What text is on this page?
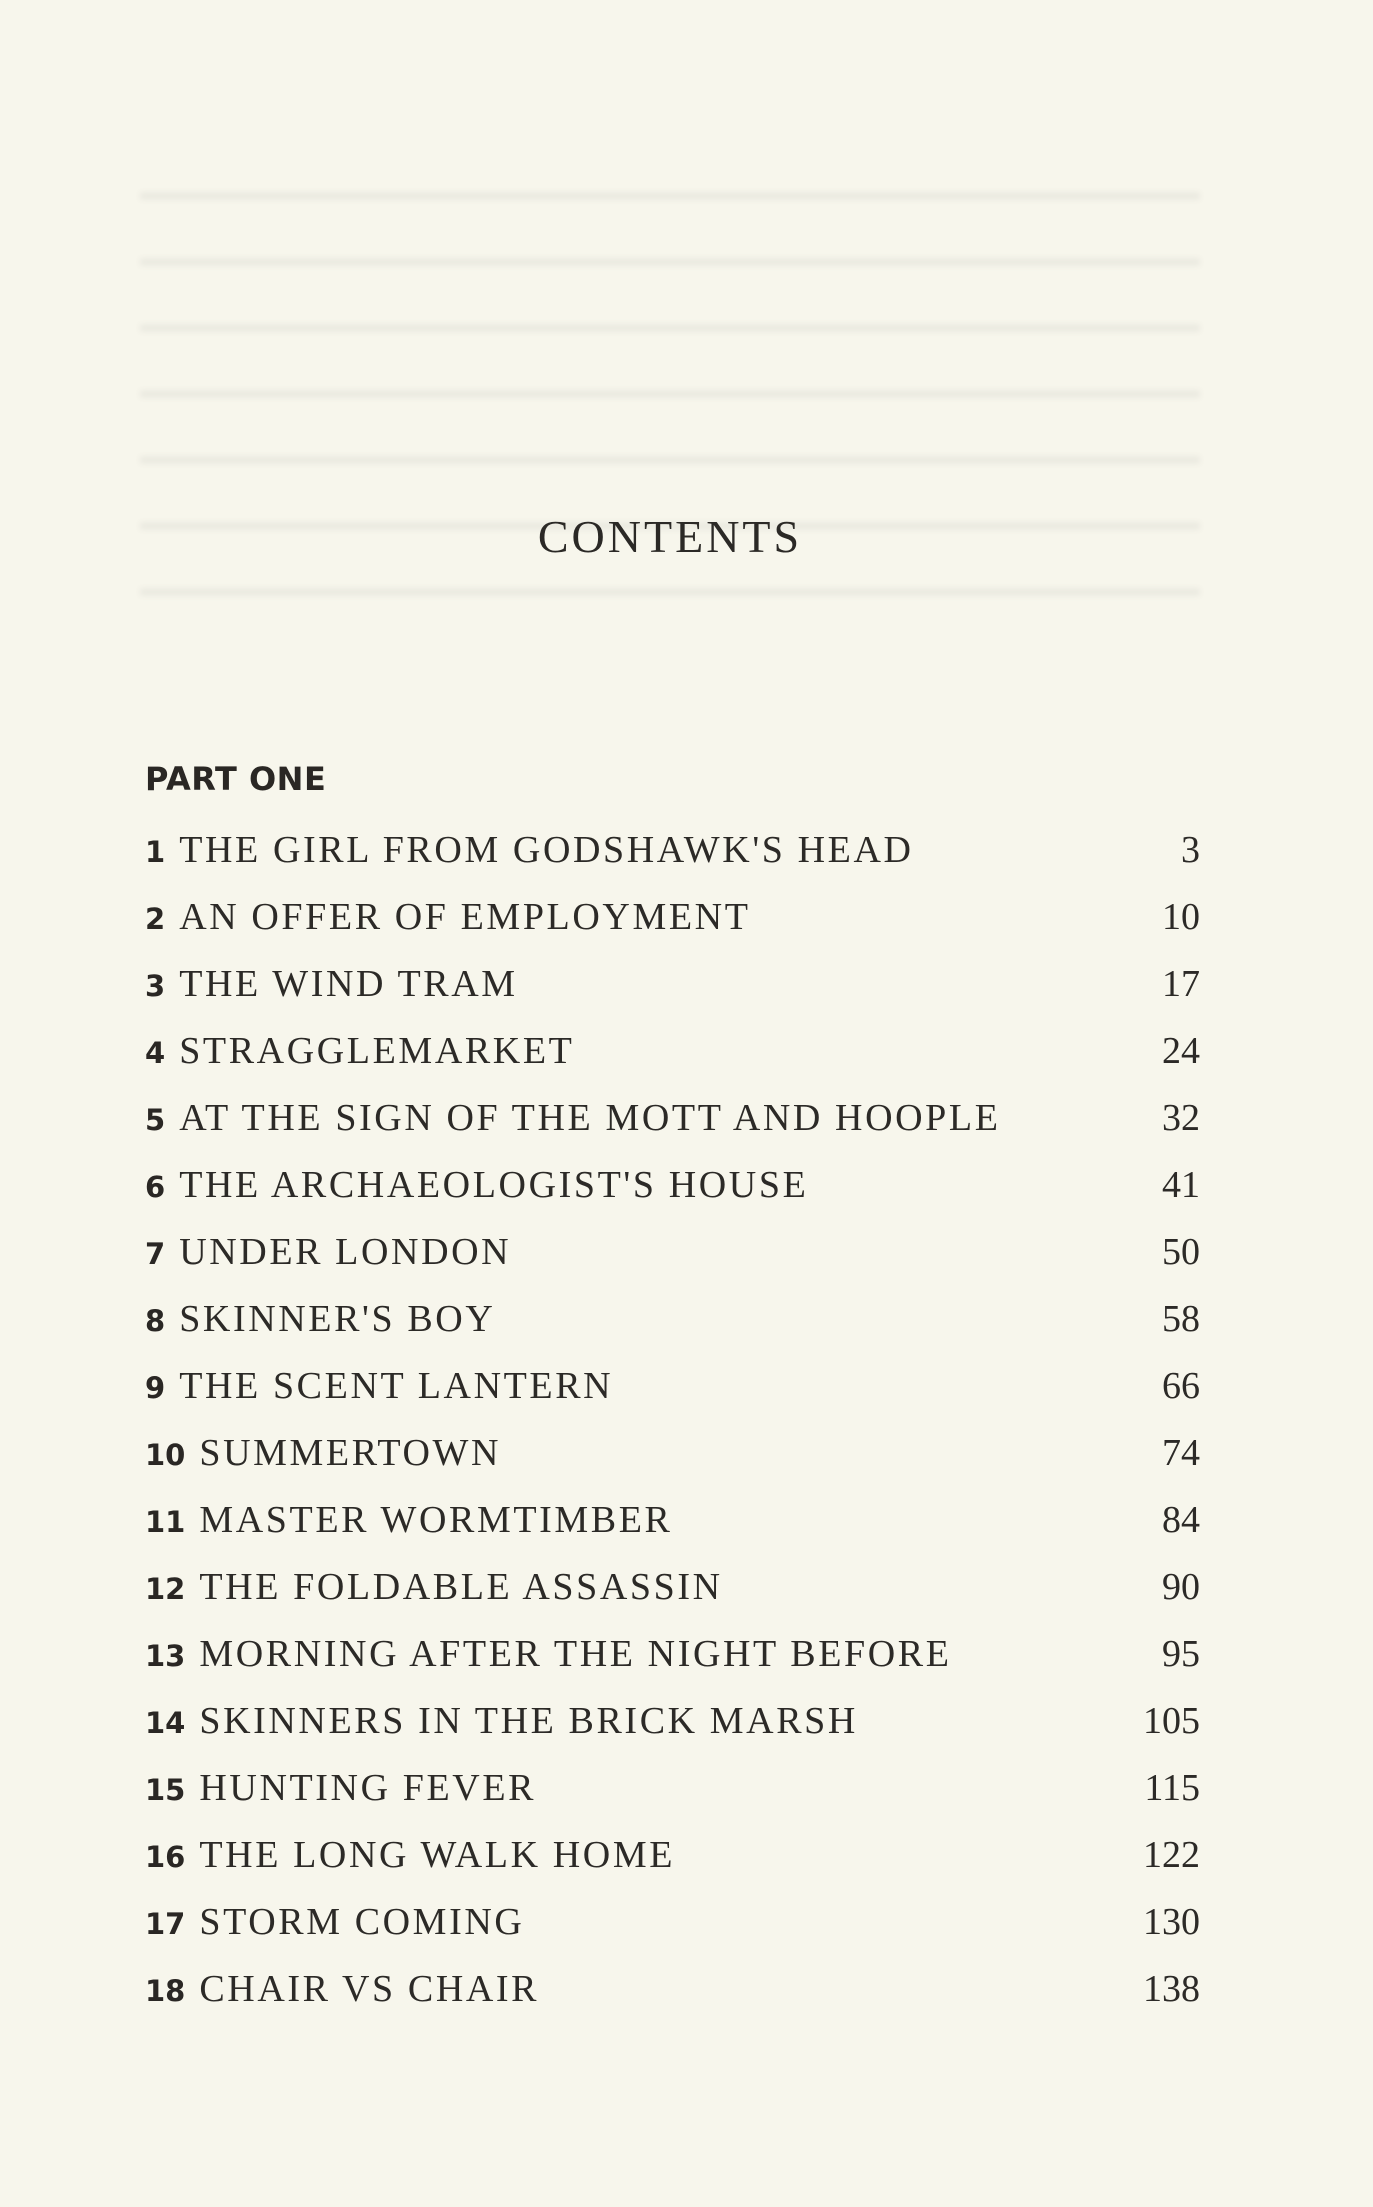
CONTENTS
PART ONE
1 THE GIRL FROM GODSHAWK'S HEAD	3
2 AN OFFER OF EMPLOYMENT	10
3 THE WIND TRAM	17
4 STRAGGLEMARKET	24
5 AT THE SIGN OF THE MOTT AND HOOPLE	32
6 THE ARCHAEOLOGIST'S HOUSE	41
7 UNDER LONDON	50
8 SKINNER'S BOY	58
9 THE SCENT LANTERN	66
10 SUMMERTOWN	74
11 MASTER WORMTIMBER	84
12 THE FOLDABLE ASSASSIN	90
13 MORNING AFTER THE NIGHT BEFORE	95
14 SKINNERS IN THE BRICK MARSH	105
15 HUNTING FEVER	115
16 THE LONG WALK HOME	122
17 STORM COMING	130
18 CHAIR VS CHAIR	138
